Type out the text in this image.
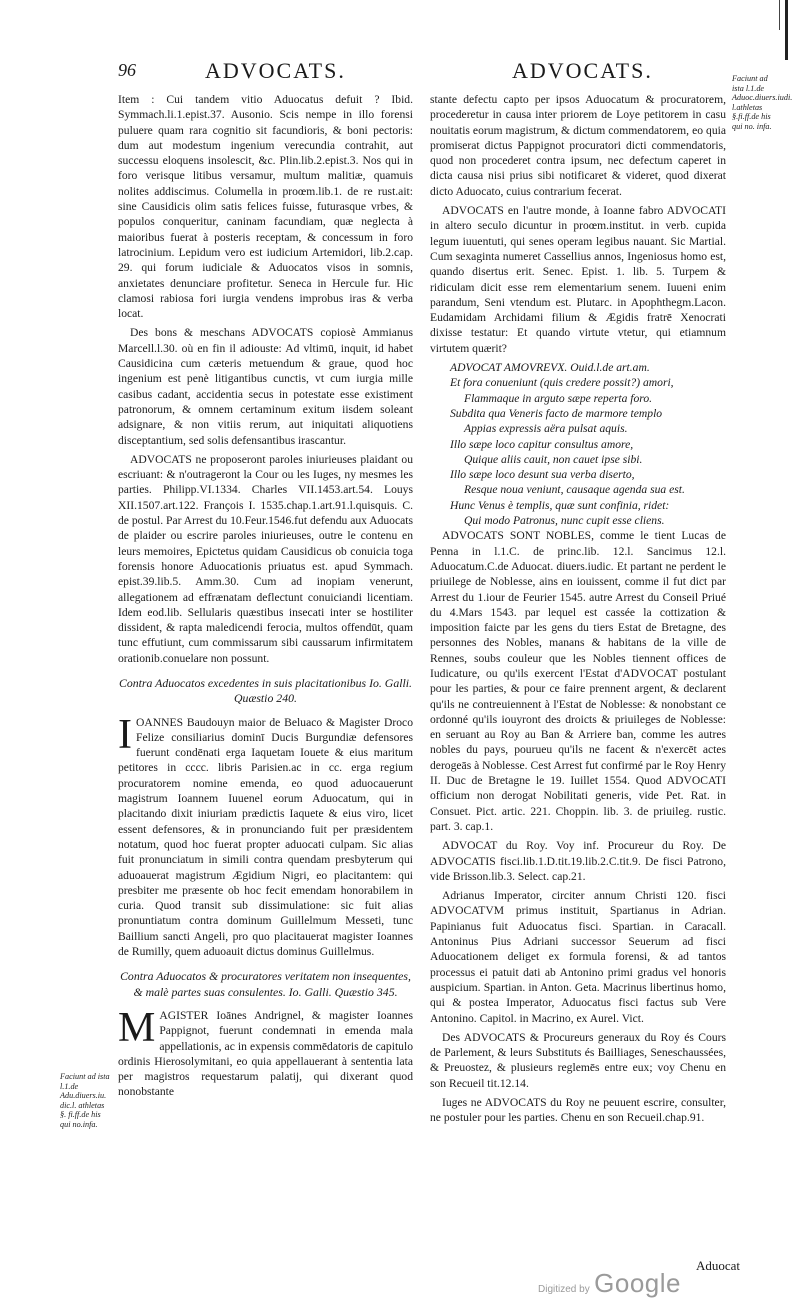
96	ADVOCATS.	ADVOCATS.

Item : Cui tandem vitio Aduocatus defuit ? Ibid. Symmach.li.1.epist.37. Ausonio. Scis nempe in illo forensi puluere quam rara cognitio sit facundioris, & boni pectoris: dum aut modestum ingenium verecundia contrahit, aut successu eloquens insolescit, &c. Plin.lib.2.epist.3. Nos qui in foro verisque litibus versamur, multum malitiæ, quamuis nolites addiscimus. Columella in proœm.lib.1. de re rust.ait: sine Causidicis olim satis felices fuisse, futurasque vrbes, & populos conqueritur, caninam facundiam, quæ neglecta à maioribus fuerat à posteris receptam, & concessum in foro latrocinium. Lepidum vero est iudicium Artemidori, lib.2.cap. 29. qui forum iudiciale & Aduocatos visos in somnis, anxietates denunciare profitetur. Seneca in Hercule fur. Hic clamosi rabiosa fori iurgia vendens improbus iras & verba locat.

Des bons & meschans ADVOCATS copiosè Ammianus Marcell.l.30. où en fin il adiouste: Ad vltimū, inquit, id habet Causidicina cum cæteris metuendum & graue, quod hoc ingenium est penè litigantibus cunctis, vt cum iurgia mille casibus cadant, accidentia secus in potestate esse existiment patronorum, & omnem certaminum exitum iisdem soleant adsignare, & non vitiis rerum, aut iniquitati aliquotiens disceptantium, sed solis defensantibus irascantur.

ADVOCATS ne proposeront paroles iniurieuses plaidant ou escriuant: & n'outrageront la Cour ou les Iuges, ny mesmes les parties. Philipp.VI.1334. Charles VII.1453.art.54. Louys XII.1507.art.122. François I. 1535.chap.1.art.91.l.quisquis. C. de postul. Par Arrest du 10.Feur.1546.fut defendu aux Aduocats de plaider ou escrire paroles iniurieuses, outre le contenu en leurs memoires, Epictetus quidam Causidicus ob conuicia toga forensis honore Aduocationis priuatus est. apud Symmach. epist.39.lib.5. Amm.30. Cum ad inopiam venerunt, allegationem ad effrænatam deflectunt conuiciandi licentiam. Idem eod.lib. Sellularis quæstibus insecati inter se hostiliter dissident, & rapta maledicendi ferocia, multos offendūt, quam tunc effutiunt, cum commissarum sibi caussarum infirmitatem orationib.conuelare non possunt.

Contra Aduocatos excedentes in suis placitationibus Io. Galli. Quæstio 240.

IOANNES Baudouyn maior de Beluaco & Magister Droco Felize consiliarius dominī Ducis Burgundiæ defensores fuerunt condēnati erga Iaquetam Iouete & eius maritum petitores in cccc. libris Parisien.ac in cc. erga regium procuratorem nomine emenda, eo quod aduocauerunt magistrum Ioannem Iuuenel eorum Aduocatum, qui in placitando dixit iniuriam prædictis Iaquete & eius viro, licet essent defensores, & in pronunciando fuit per præsidentem notatum, quod hoc fuerat propter aduocati culpam. Sic alias fuit pronunciatum in simili contra quendam presbyterum qui aduoauerat magistrum Ægidium Nigri, eo placitantem: qui presbiter me præsente ob hoc fecit emendam honorabilem in curia. Quod transit sub dissimulatione: sic fuit alias pronuntiatum contra dominum Guillelmum Messeti, tunc Baillium sancti Angeli, pro quo placitauerat magister Ioannes de Rumilly, quem aduoauit dictus dominus Guillelmus.

Contra Aduocatos & procuratores veritatem non insequentes, & malè partes suas consulentes. Io. Galli. Quæstio 345.

MAGISTER Ioānes Andrignel, & magister Ioannes Pappignot, fuerunt condemnati in emenda mala appellationis, ac in expensis commēdatoris de capitulo ordinis Hierosolymitani, eo quia appellauerant à sententia lata per magistros requestarum palatij, qui dixerant quod nonobstante

Faciunt ad ista l.1.de Adu.diuers.iu. dic.l. athletas §. fi.ff.de his qui no.infa.

stante defectu capto per ipsos Aduocatum & procuratorem, procederetur in causa inter priorem de Loye petitorem in casu nouitatis eorum magistrum, & dictum commendatorem, eo quia promiserat dictus Pappignot procuratori dicti commendatoris, quod non procederet contra ipsum, nec defectum caperet in dicta causa nisi prius sibi notificaret & videret, quod dixerat dicto Aduocato, cuius contrarium fecerat.

ADVOCATS en l'autre monde, à Ioanne fabro ADVOCATI in altero seculo dicuntur in proœm.institut. in verb. cupida legum iuuentuti, qui senes operam legibus nauant. Sic Martial. Cum sexaginta numeret Cassellius annos, Ingeniosus homo est, quando disertus erit. Senec. Epist. 1. lib. 5. Turpem & ridiculam dicit esse rem elementarium senem. Iuueni enim parandum, Seni vtendum est. Plutarc. in Apophthegm.Lacon. Eudamidam Archidami filium & Ægidis fratrē Xenocrati dixisse testatur: Et quando virtute vtetur, qui etiamnum virtutem quærit?

ADVOCAT AMOVREVX. Ouid.l.de art.am.

Et fora conueniunt (quis credere possit?) amori,

Flammaque in arguto sæpe reperta foro.

Subdita qua Veneris facto de marmore templo

Appias expressis aëra pulsat aquis.

Illo sæpe loco capitur consultus amore,

Quique aliis cauit, non cauet ipse sibi.

Illo sæpe loco desunt sua verba diserto,

Resque noua veniunt, causaque agenda sua est.

Hunc Venus è templis, quæ sunt confinia, ridet:

Qui modo Patronus, nunc cupit esse cliens.

ADVOCATS SONT NOBLES, comme le tient Lucas de Penna in l.1.C. de princ.lib. 12.l. Sancimus 12.l. Aduocatum.C.de Aduocat. diuers.iudic. Et partant ne perdent le priuilege de Noblesse, ains en iouissent, comme il fut dict par Arrest du 1.iour de Feurier 1545. autre Arrest du Conseil Priué du 4.Mars 1543. par lequel est cassée la cottization & imposition faicte par les gens du tiers Estat de Bretagne, des personnes des Nobles, manans & habitans de la ville de Rennes, soubs couleur que les Nobles tiennent offices de Iudicature, ou qu'ils exercent l'Estat d'ADVOCAT postulant pour les parties, & pour ce faire prennent argent, & declarent qu'ils ne contreuiennent à l'Estat de Noblesse: & nonobstant ce ordonné qu'ils iouyront des droicts & priuileges de Noblesse: en seruant au Roy au Ban & Arriere ban, comme les autres nobles du pays, pourueu qu'ils ne facent & n'exercēt actes derogeās à Noblesse. Cest Arrest fut confirmé par le Roy Henry II. Duc de Bretagne le 19. Iuillet 1554. Quod ADVOCATI officium non derogat Nobilitati generis, vide Pet. Rat. in Consuet. Pict. artic. 221. Choppin. lib. 3. de priuileg. rustic. part. 3. cap.1.

ADVOCAT du Roy. Voy inf. Procureur du Roy. De ADVOCATIS fisci.lib.1.D.tit.19.lib.2.C.tit.9. De fisci Patrono, vide Brisson.lib.3. Select. cap.21.

Adrianus Imperator, circiter annum Christi 120. fisci ADVOCATVM primus instituit, Spartianus in Adrian. Papinianus fuit Aduocatus fisci. Spartian. in Caracall. Antoninus Pius Adriani successor Seuerum ad fisci Aduocationem deliget ex formula forensi, & ad tantos processus ei patuit dati ab Antonino primi gradus vel honoris auspicium. Spartian. in Anton. Geta. Macrinus libertinus homo, qui & postea Imperator, Aduocatus fisci factus sub Vere Antonino. Capitol. in Macrino, ex Aurel. Vict.

Des ADVOCATS & Procureurs generaux du Roy és Cours de Parlement, & leurs Substituts és Bailliages, Seneschaussées, & Preuostez, & plusieurs reglemēs entre eux; voy Chenu en son Recueil tit.12.14.

Iuges ne ADVOCATS du Roy ne peuuent escrire, consulter, ne postuler pour les parties. Chenu en son Recueil.chap.91.

Faciunt ad ista l.1.de Aduoc.diuers.iudi. l.athletas §.fi.ff.de his qui no. infa.
Aduocat
Digitized by Google
